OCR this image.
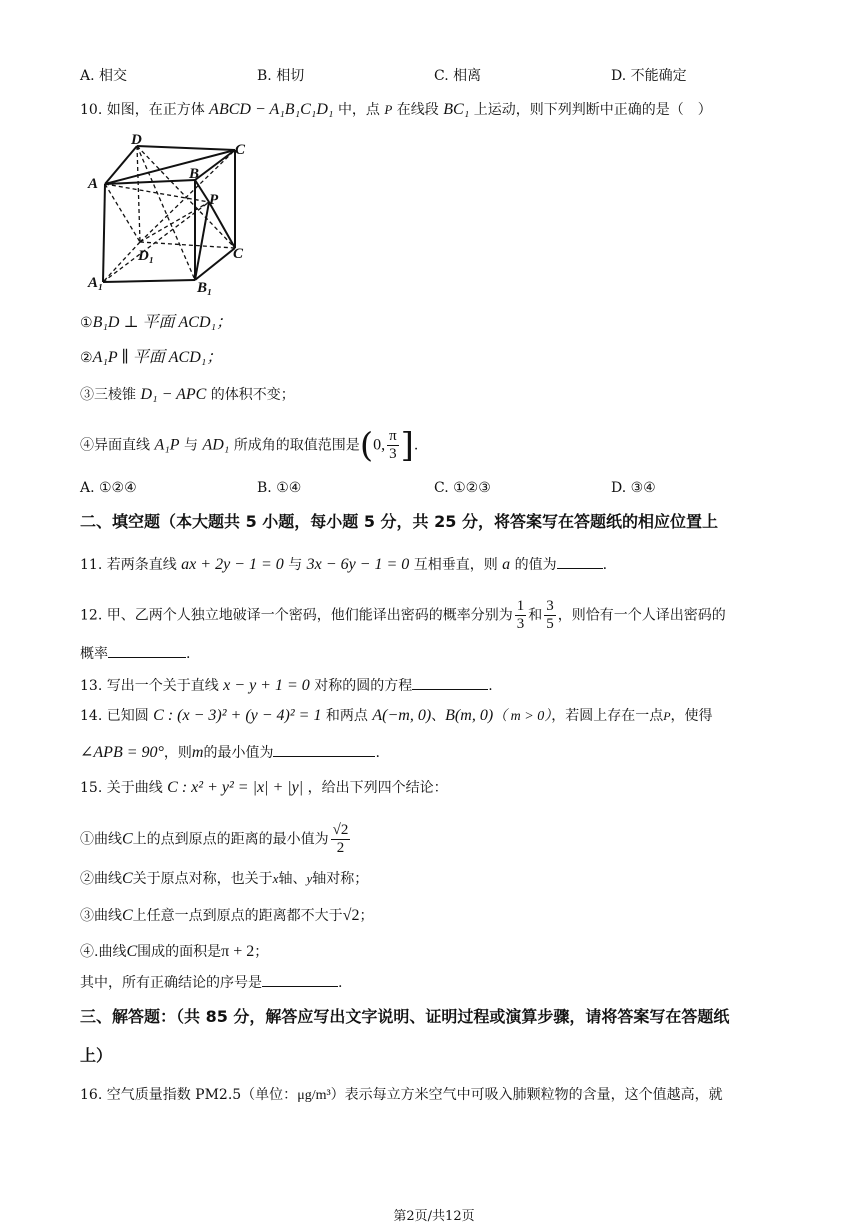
A. 相交	B. 相切	C. 相离	D. 不能确定
10. 如图，在正方体 ABCD − A₁B₁C₁D₁ 中，点 P 在线段 BC₁ 上运动，则下列判断中正确的是（　）
D
C
A
B
P
D₁
A₁	B₁
C
①B₁D ⊥ 平面 ACD₁；
②A₁P ∥ 平面 ACD₁；
③三棱锥 D₁ − APC 的体积不变；
④异面直线 A₁P 与 AD₁ 所成角的取值范围是(0, $\frac{\pi}{3}$ ].
A. ①②④	B. ①④	C. ①②③	D. ③④
二、填空题（本大题共 5 小题，每小题 5 分，共 25 分，将答案写在答题纸的相应位置上
11. 若两条直线 ax + 2y − 1 = 0 与 3x − 6y − 1 = 0 互相垂直，则 a 的值为	.
12. 甲、乙两个人独立地破译一个密码，他们能译出密码的概率分别为 $\frac{1}{3}$ 和 $\frac{3}{5}$ ，则恰有一个人译出密码的
概率	.
13. 写出一个关于直线 x − y + 1 = 0 对称的圆的方程	.
14. 已知圆 C : (x − 3)² + (y − 4)² = 1 和两点 A(−m, 0)、B(m, 0)（ m > 0），若圆上存在一点P，使得
∠APB = 90°，则m的最小值为	.
15. 关于曲线 C : x² + y² = |x| + |y| ，给出下列四个结论：
①曲线C上的点到原点的距离的最小值为 $\frac{√2}{2}$
②曲线C关于原点对称，也关于x轴、y轴对称；
③曲线C上任意一点到原点的距离都不大于√2；
④.曲线C围成的面积是π + 2；
其中，所有正确结论的序号是	.
三、解答题：（共 85 分，解答应写出文字说明、证明过程或演算步骤，请将答案写在答题纸
上）
16. 空气质量指数 PM2.5（单位：μg/m³）表示每立方米空气中可吸入肺颗粒物的含量，这个值越高，就
第2页/共12页
